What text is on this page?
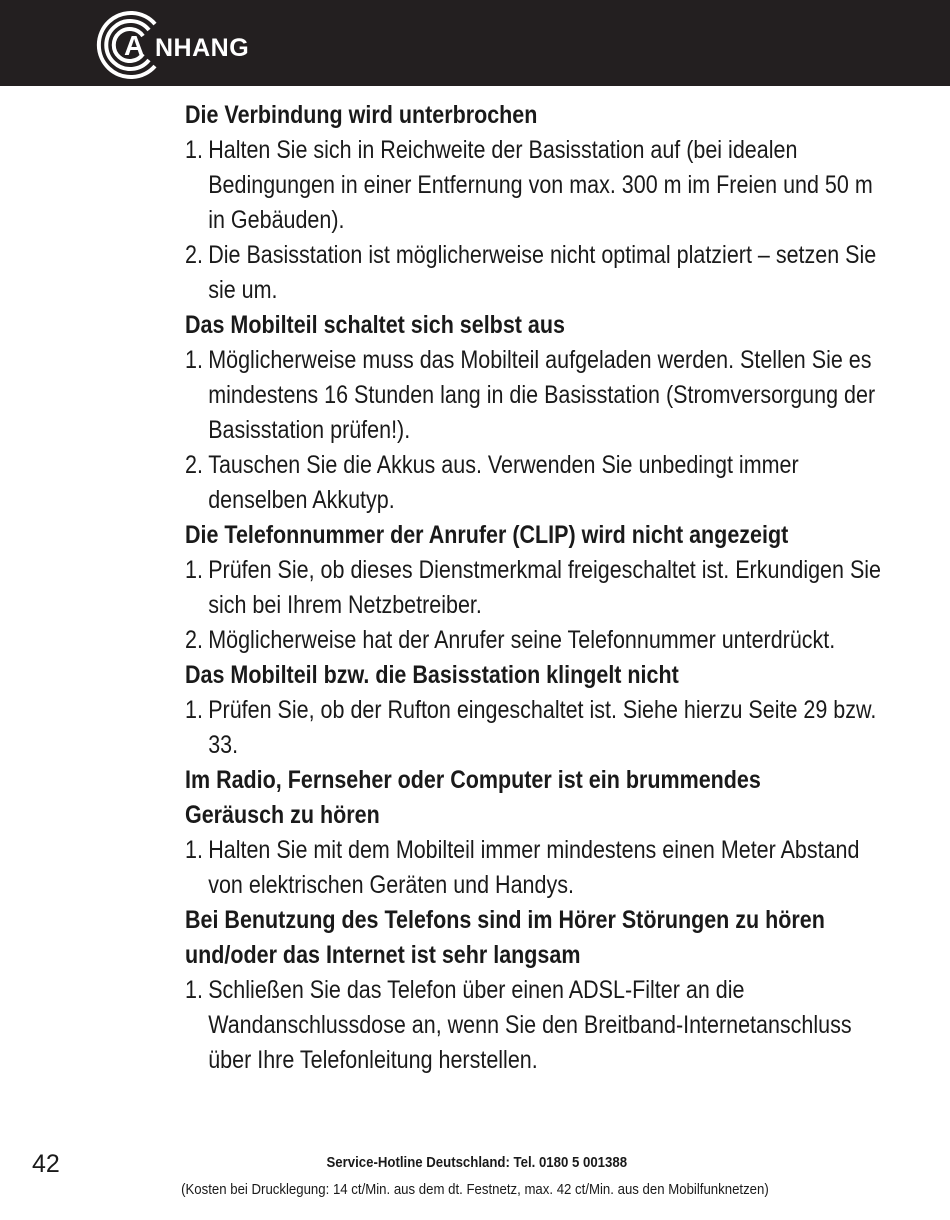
A NHANG
Die Verbindung wird unterbrochen
1. Halten Sie sich in Reichweite der Basisstation auf (bei idealen Bedingungen in einer Entfernung von max. 300 m im Freien und 50 m in Gebäuden).
2. Die Basisstation ist möglicherweise nicht optimal platziert – setzen Sie sie um.
Das Mobilteil schaltet sich selbst aus
1. Möglicherweise muss das Mobilteil aufgeladen werden. Stellen Sie es mindestens 16 Stunden lang in die Basisstation (Stromversorgung der Basisstation prüfen!).
2. Tauschen Sie die Akkus aus. Verwenden Sie unbedingt immer denselben Akkutyp.
Die Telefonnummer der Anrufer (CLIP) wird nicht angezeigt
1. Prüfen Sie, ob dieses Dienstmerkmal freigeschaltet ist. Erkundigen Sie sich bei Ihrem Netzbetreiber.
2. Möglicherweise hat der Anrufer seine Telefonnummer unterdrückt.
Das Mobilteil bzw. die Basisstation klingelt nicht
1. Prüfen Sie, ob der Rufton eingeschaltet ist. Siehe hierzu Seite 29 bzw. 33.
Im Radio, Fernseher oder Computer ist ein brummendes Geräusch zu hören
1. Halten Sie mit dem Mobilteil immer mindestens einen Meter Abstand von elektrischen Geräten und Handys.
Bei Benutzung des Telefons sind im Hörer Störungen zu hören und/oder das Internet ist sehr langsam
1. Schließen Sie das Telefon über einen ADSL-Filter an die Wandanschlussdose an, wenn Sie den Breitband-Internetanschluss über Ihre Telefonleitung herstellen.
42	Service-Hotline Deutschland: Tel. 0180 5 001388
(Kosten bei Drucklegung: 14 ct/Min. aus dem dt. Festnetz, max. 42 ct/Min. aus den Mobilfunknetzen)
